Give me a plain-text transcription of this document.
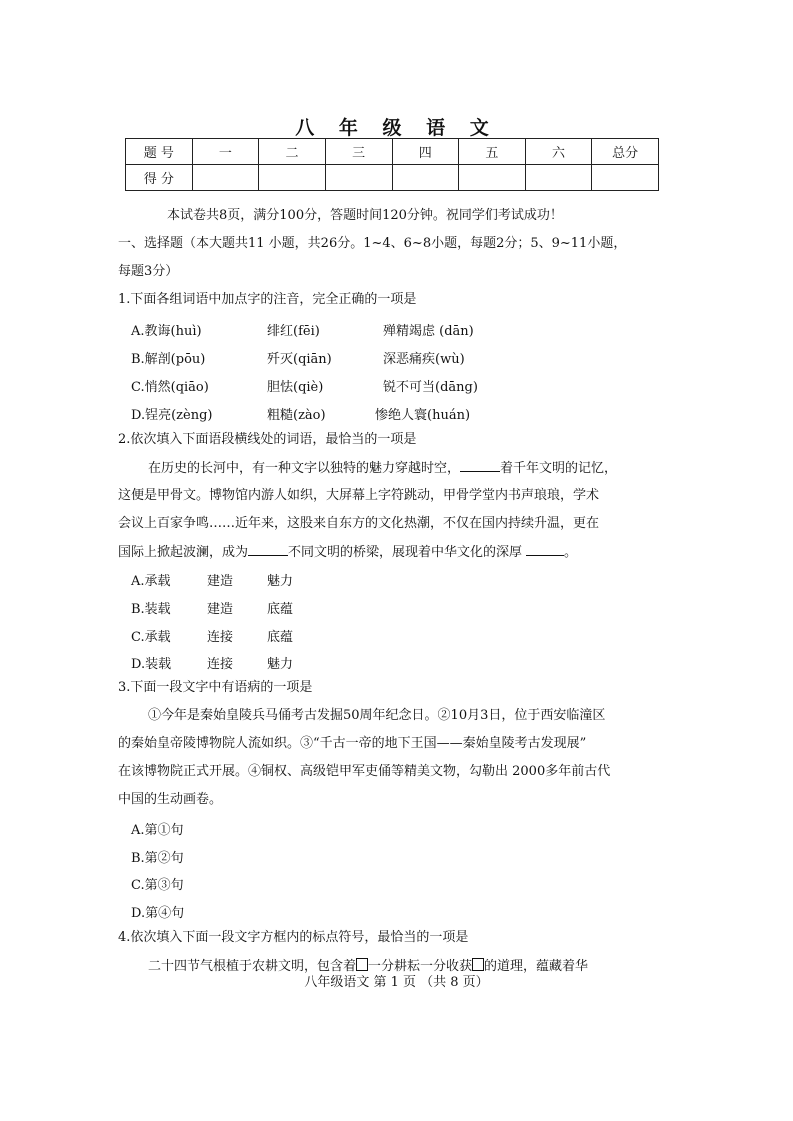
八 年 级 语 文
题 号	一	二	三	四	五	六	总分
得 分							
本试卷共8页，满分100分，答题时间120分钟。祝同学们考试成功！
一、选择题（本大题共11 小题，共26分。1~4、6~8小题，每题2分；5、9~11小题，
每题3分）
1.下面各组词语中加点字的注音，完全正确的一项是
A.教诲(huì)	绯红(fēi)	殚精竭虑 (dān)
B.解剖(pōu)	歼灭(qiān)	深恶痛疾(wù)
C.悄然(qiāo)	胆怯(qiè)	锐不可当(dāng)
D.锃亮(zèng)	粗糙(zào)	惨绝人寰(huán)
2.依次填入下面语段横线处的词语，最恰当的一项是
在历史的长河中，有一种文字以独特的魅力穿越时空，	着千年文明的记忆，
这便是甲骨文。博物馆内游人如织，大屏幕上字符跳动，甲骨学堂内书声琅琅，学术
会议上百家争鸣……近年来，这股来自东方的文化热潮，不仅在国内持续升温，更在
国际上掀起波澜，成为	不同文明的桥梁，展现着中华文化的深厚	。
A.承载	建造	魅力
B.装载	建造	底蕴
C.承载	连接	底蕴
D.装载	连接	魅力
3.下面一段文字中有语病的一项是
①今年是秦始皇陵兵马俑考古发掘50周年纪念日。②10月3日，位于西安临潼区
的秦始皇帝陵博物院人流如织。③“千古一帝的地下王国——秦始皇陵考古发现展”
在该博物院正式开展。④铜权、高级铠甲军吏俑等精美文物，勾勒出 2000多年前古代
中国的生动画卷。
A.第①句
B.第②句
C.第③句
D.第④句
4.依次填入下面一段文字方框内的标点符号，最恰当的一项是
二十四节气根植于农耕文明，包含着 一分耕耘一分收获 的道理，蕴藏着华
八年级语文 第 1 页 （共 8 页）
